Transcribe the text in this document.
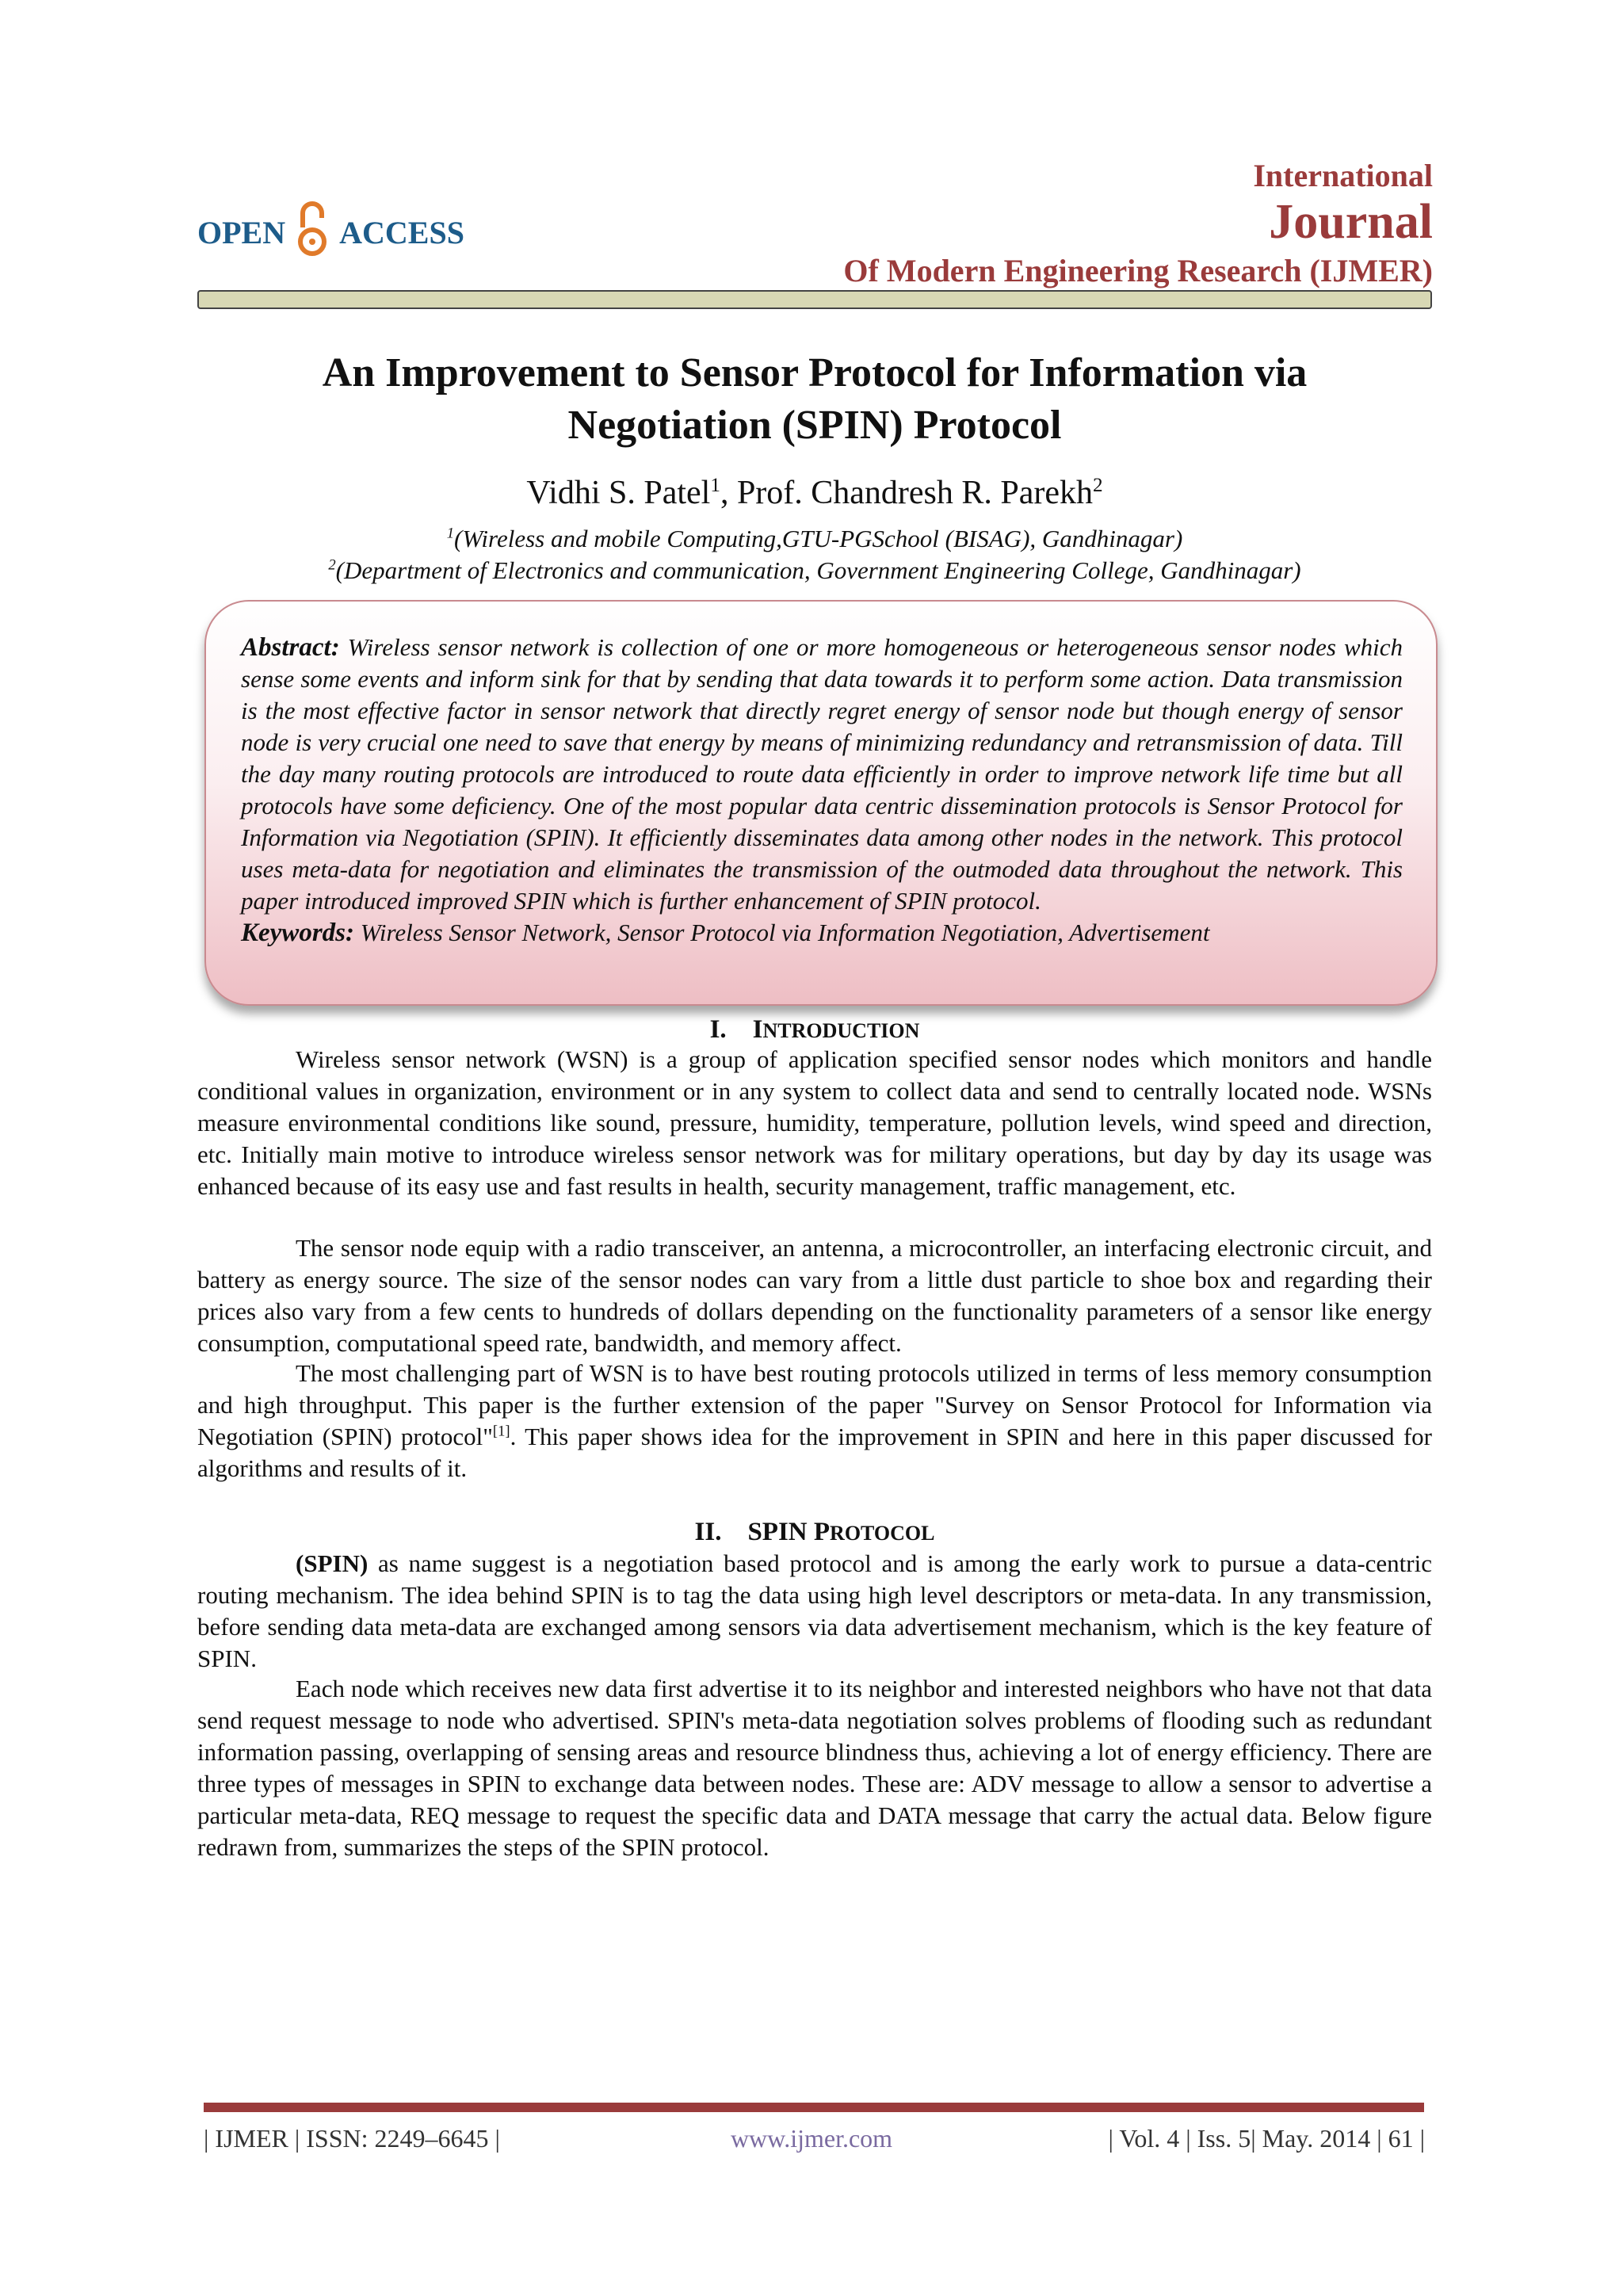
OPEN ACCESS
International
Journal
Of Modern Engineering Research (IJMER)
An Improvement to Sensor Protocol for Information via
Negotiation (SPIN) Protocol
Vidhi S. Patel$^1$, Prof. Chandresh R. Parekh$^2$
$^1$(Wireless and mobile Computing,GTU-PGSchool (BISAG), Gandhinagar)
$^2$(Department of Electronics and communication, Government Engineering College, Gandhinagar)
Abstract: Wireless sensor network is collection of one or more homogeneous or heterogeneous sensor nodes which sense some events and inform sink for that by sending that data towards it to perform some action. Data transmission is the most effective factor in sensor network that directly regret energy of sensor node but though energy of sensor node is very crucial one need to save that energy by means of minimizing redundancy and retransmission of data. Till the day many routing protocols are introduced to route data efficiently in order to improve network life time but all protocols have some deficiency. One of the most popular data centric dissemination protocols is Sensor Protocol for Information via Negotiation (SPIN). It efficiently disseminates data among other nodes in the network. This protocol uses meta-data for negotiation and eliminates the transmission of the outmoded data throughout the network. This paper introduced improved SPIN which is further enhancement of SPIN protocol.
Keywords: Wireless Sensor Network, Sensor Protocol via Information Negotiation, Advertisement
I. INTRODUCTION

Wireless sensor network (WSN) is a group of application specified sensor nodes which monitors and handle conditional values in organization, environment or in any system to collect data and send to centrally located node. WSNs measure environmental conditions like sound, pressure, humidity, temperature, pollution levels, wind speed and direction, etc. Initially main motive to introduce wireless sensor network was for military operations, but day by day its usage was enhanced because of its easy use and fast results in health, security management, traffic management, etc.

The sensor node equip with a radio transceiver, an antenna, a microcontroller, an interfacing electronic circuit, and battery as energy source. The size of the sensor nodes can vary from a little dust particle to shoe box and regarding their prices also vary from a few cents to hundreds of dollars depending on the functionality parameters of a sensor like energy consumption, computational speed rate, bandwidth, and memory affect.

The most challenging part of WSN is to have best routing protocols utilized in terms of less memory consumption and high throughput. This paper is the further extension of the paper "Survey on Sensor Protocol for Information via Negotiation (SPIN) protocol"[1]. This paper shows idea for the improvement in SPIN and here in this paper discussed for algorithms and results of it.

II. SPIN PROTOCOL

(SPIN) as name suggest is a negotiation based protocol and is among the early work to pursue a data-centric routing mechanism. The idea behind SPIN is to tag the data using high level descriptors or meta-data. In any transmission, before sending data meta-data are exchanged among sensors via data advertisement mechanism, which is the key feature of SPIN.

Each node which receives new data first advertise it to its neighbor and interested neighbors who have not that data send request message to node who advertised. SPIN's meta-data negotiation solves problems of flooding such as redundant information passing, overlapping of sensing areas and resource blindness thus, achieving a lot of energy efficiency. There are three types of messages in SPIN to exchange data between nodes. These are: ADV message to allow a sensor to advertise a particular meta-data, REQ message to request the specific data and DATA message that carry the actual data. Below figure redrawn from, summarizes the steps of the SPIN protocol.

| IJMER | ISSN: 2249–6645 |	www.ijmer.com	| Vol. 4 | Iss. 5| May. 2014 | 61 |
